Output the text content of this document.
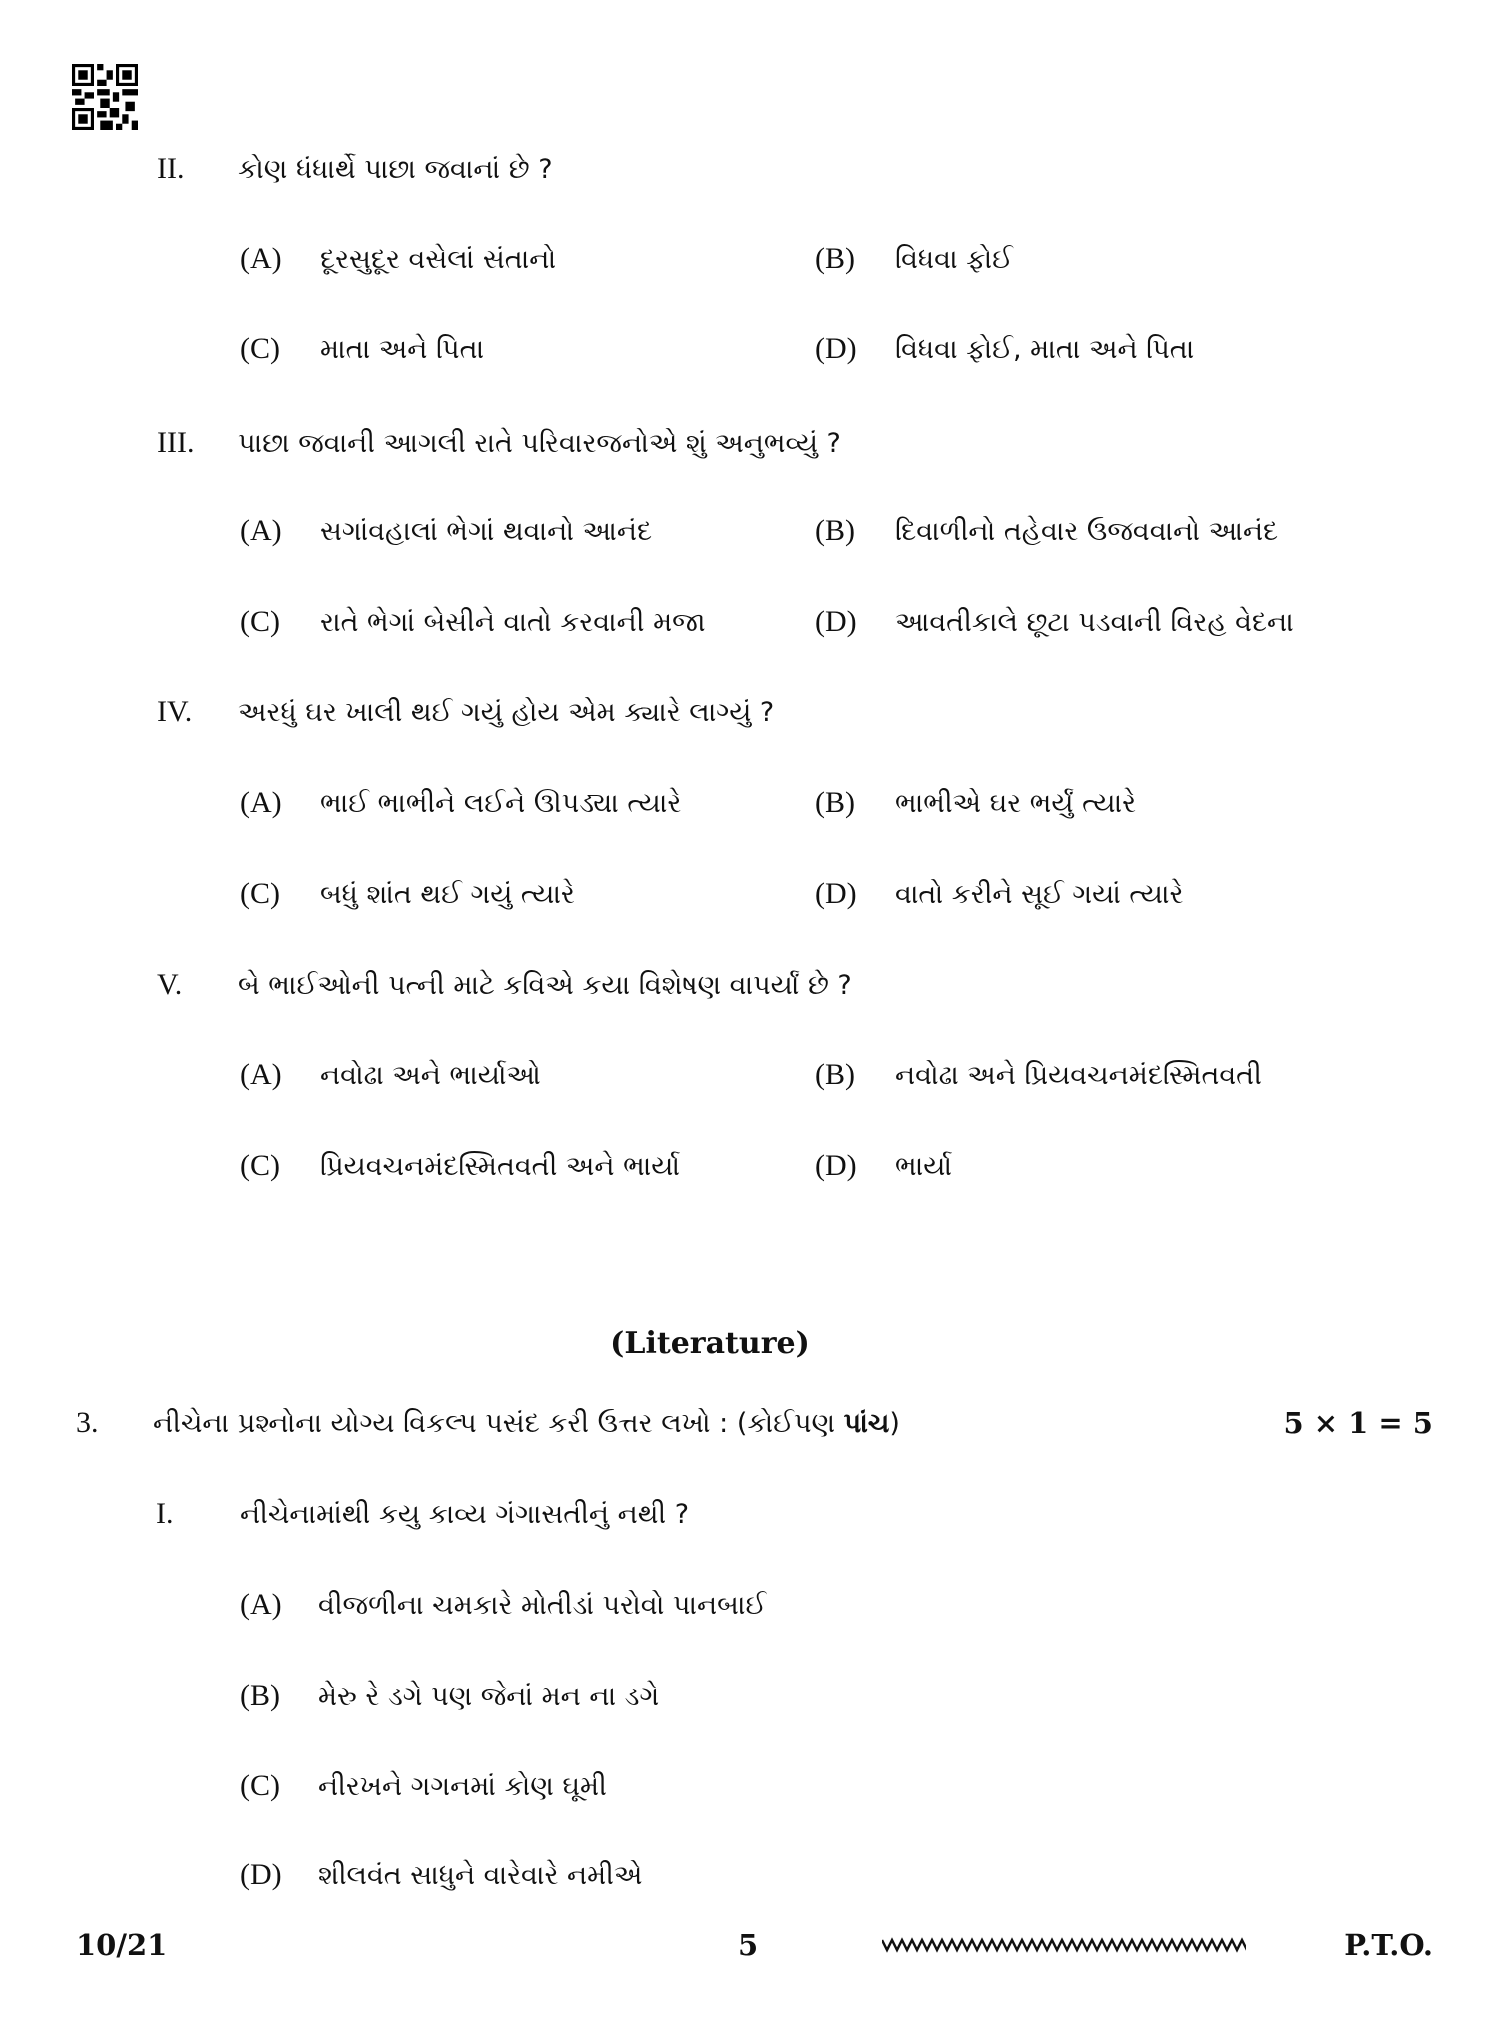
II. કોણ ધંધાર્થે પાછા જવાનાં છે ?
(A) દૂરસુદૂર વસેલાં સંતાનો	(B) વિધવા ફોઈ
(C) માતા અને પિતા	(D) વિધવા ફોઈ, માતા અને પિતા
III. પાછા જવાની આગલી રાતે પરિવારજનોએ શું અનુભવ્યું ?
(A) સગાંવહાલાં ભેગાં થવાનો આનંદ	(B) દિવાળીનો તહેવાર ઉજવવાનો આનંદ
(C) રાતે ભેગાં બેસીને વાતો કરવાની મજા	(D) આવતીકાલે છૂટા પડવાની વિરહ વેદના
IV. અરધું ઘર ખાલી થઈ ગયું હોય એમ ક્યારે લાગ્યું ?
(A) ભાઈ ભાભીને લઈને ઊપડ્યા ત્યારે	(B) ભાભીએ ઘર ભર્યું ત્યારે
(C) બધું શાંત થઈ ગયું ત્યારે	(D) વાતો કરીને સૂઈ ગયાં ત્યારે
V. બે ભાઈઓની પત્ની માટે કવિએ કયા વિશેષણ વાપર્યાં છે ?
(A) નવોઢા અને ભાર્યાઓ	(B) નવોઢા અને પ્રિયવચનમંદસ્મિતવતી
(C) પ્રિયવચનમંદસ્મિતવતી અને ભાર્યા	(D) ભાર્યા
(Literature)
3. નીચેના પ્રશ્નોના યોગ્ય વિકલ્પ પસંદ કરી ઉત્તર લખો : (કોઈપણ પાંચ)	5 × 1 = 5
I. નીચેનામાંથી કયુ કાવ્ય ગંગાસતીનું નથી ?
(A) વીજળીના ચમકારે મોતીડાં પરોવો પાનબાઈ
(B) મેરુ રે ડગે પણ જેનાં મન ના ડગે
(C) નીરખને ગગનમાં કોણ ઘૂમી
(D) શીલવંત સાધુને વારેવારે નમીએ
10/21	5	P.T.O.
